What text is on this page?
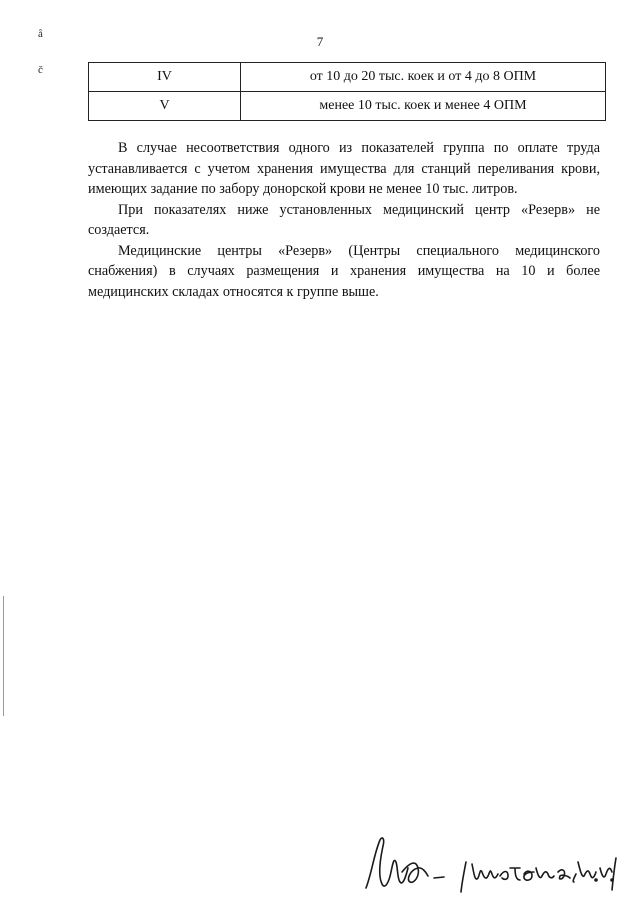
7
å
č	IV	от 10 до 20 тыс. коек и от 4 до 8 ОПМ
V	менее 10 тыс. коек и менее 4 ОПМ

В случае несоответствия одного из показателей группа по оплате труда устанавливается с учетом хранения имущества для станций переливания крови, имеющих задание по забору донорской крови не менее 10 тыс. литров.

При показателях ниже установленных медицинский центр «Резерв» не создается.

Медицинские центры «Резерв» (Центры специального медицинского снабжения) в случаях размещения и хранения имущества на 10 и более медицинских складах относятся к группе выше.
